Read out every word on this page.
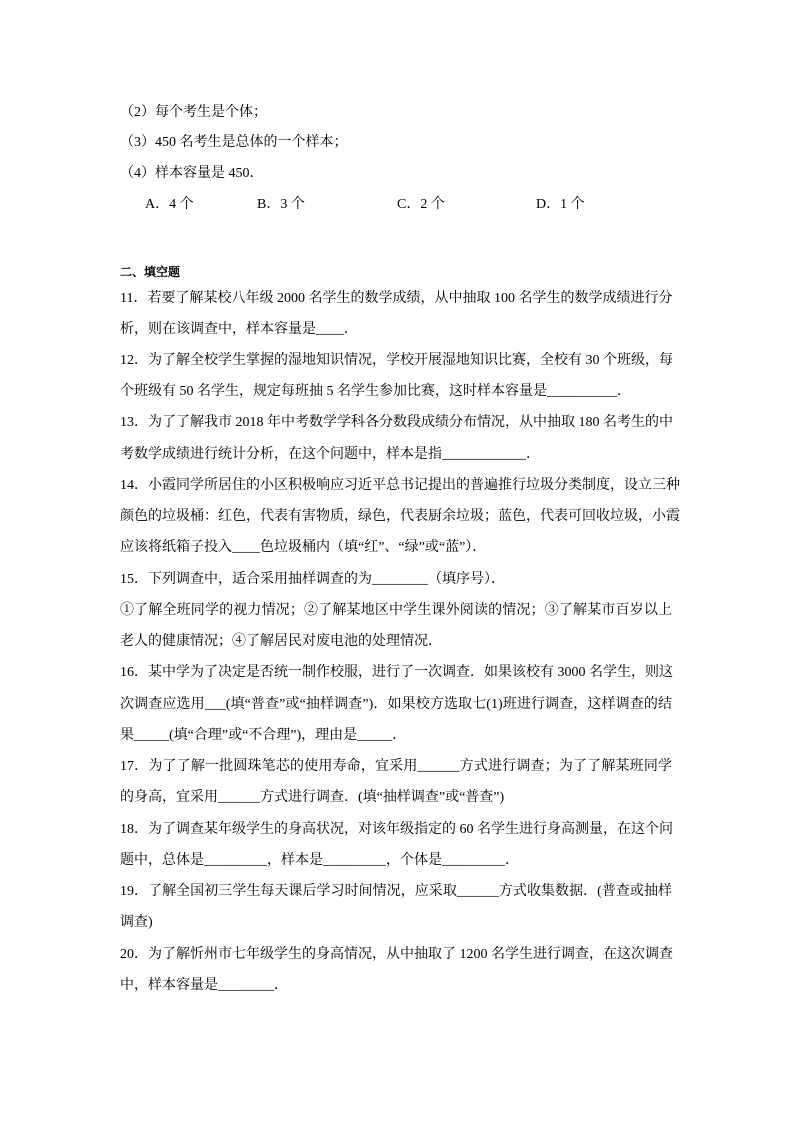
（2）每个考生是个体；
（3）450 名考生是总体的一个样本；
（4）样本容量是 450．
A．4 个	B．3 个	C．2 个	D．1 个
二、填空题
11．若要了解某校八年级 2000 名学生的数学成绩，从中抽取 100 名学生的数学成绩进行分
析，则在该调查中，样本容量是____．
12．为了解全校学生掌握的湿地知识情况，学校开展湿地知识比赛，全校有 30 个班级，每
个班级有 50 名学生，规定每班抽 5 名学生参加比赛，这时样本容量是__________．
13．为了了解我市 2018 年中考数学学科各分数段成绩分布情况，从中抽取 180 名考生的中
考数学成绩进行统计分析，在这个问题中，样本是指____________．
14．小霞同学所居住的小区积极响应习近平总书记提出的普遍推行垃圾分类制度，设立三种
颜色的垃圾桶：红色，代表有害物质，绿色，代表厨余垃圾；蓝色，代表可回收垃圾，小霞
应该将纸箱子投入____色垃圾桶内（填“红”、“绿”或“蓝”）．
15．下列调查中，适合采用抽样调查的为________（填序号）．
①了解全班同学的视力情况；②了解某地区中学生课外阅读的情况；③了解某市百岁以上
老人的健康情况；④了解居民对废电池的处理情况．
16．某中学为了决定是否统一制作校服，进行了一次调查．如果该校有 3000 名学生，则这
次调查应选用___(填“普查”或“抽样调查”)．如果校方选取七(1)班进行调查，这样调查的结
果_____(填“合理”或“不合理”)，理由是_____．
17．为了了解一批圆珠笔芯的使用寿命，宜采用______方式进行调查；为了了解某班同学
的身高，宜采用______方式进行调查．(填“抽样调查”或“普查”)
18．为了调查某年级学生的身高状况，对该年级指定的 60 名学生进行身高测量，在这个问
题中，总体是_________，样本是_________，个体是_________．
19．了解全国初三学生每天课后学习时间情况，应采取______方式收集数据．(普查或抽样
调查)
20．为了解忻州市七年级学生的身高情况，从中抽取了 1200 名学生进行调查，在这次调查
中，样本容量是________．
